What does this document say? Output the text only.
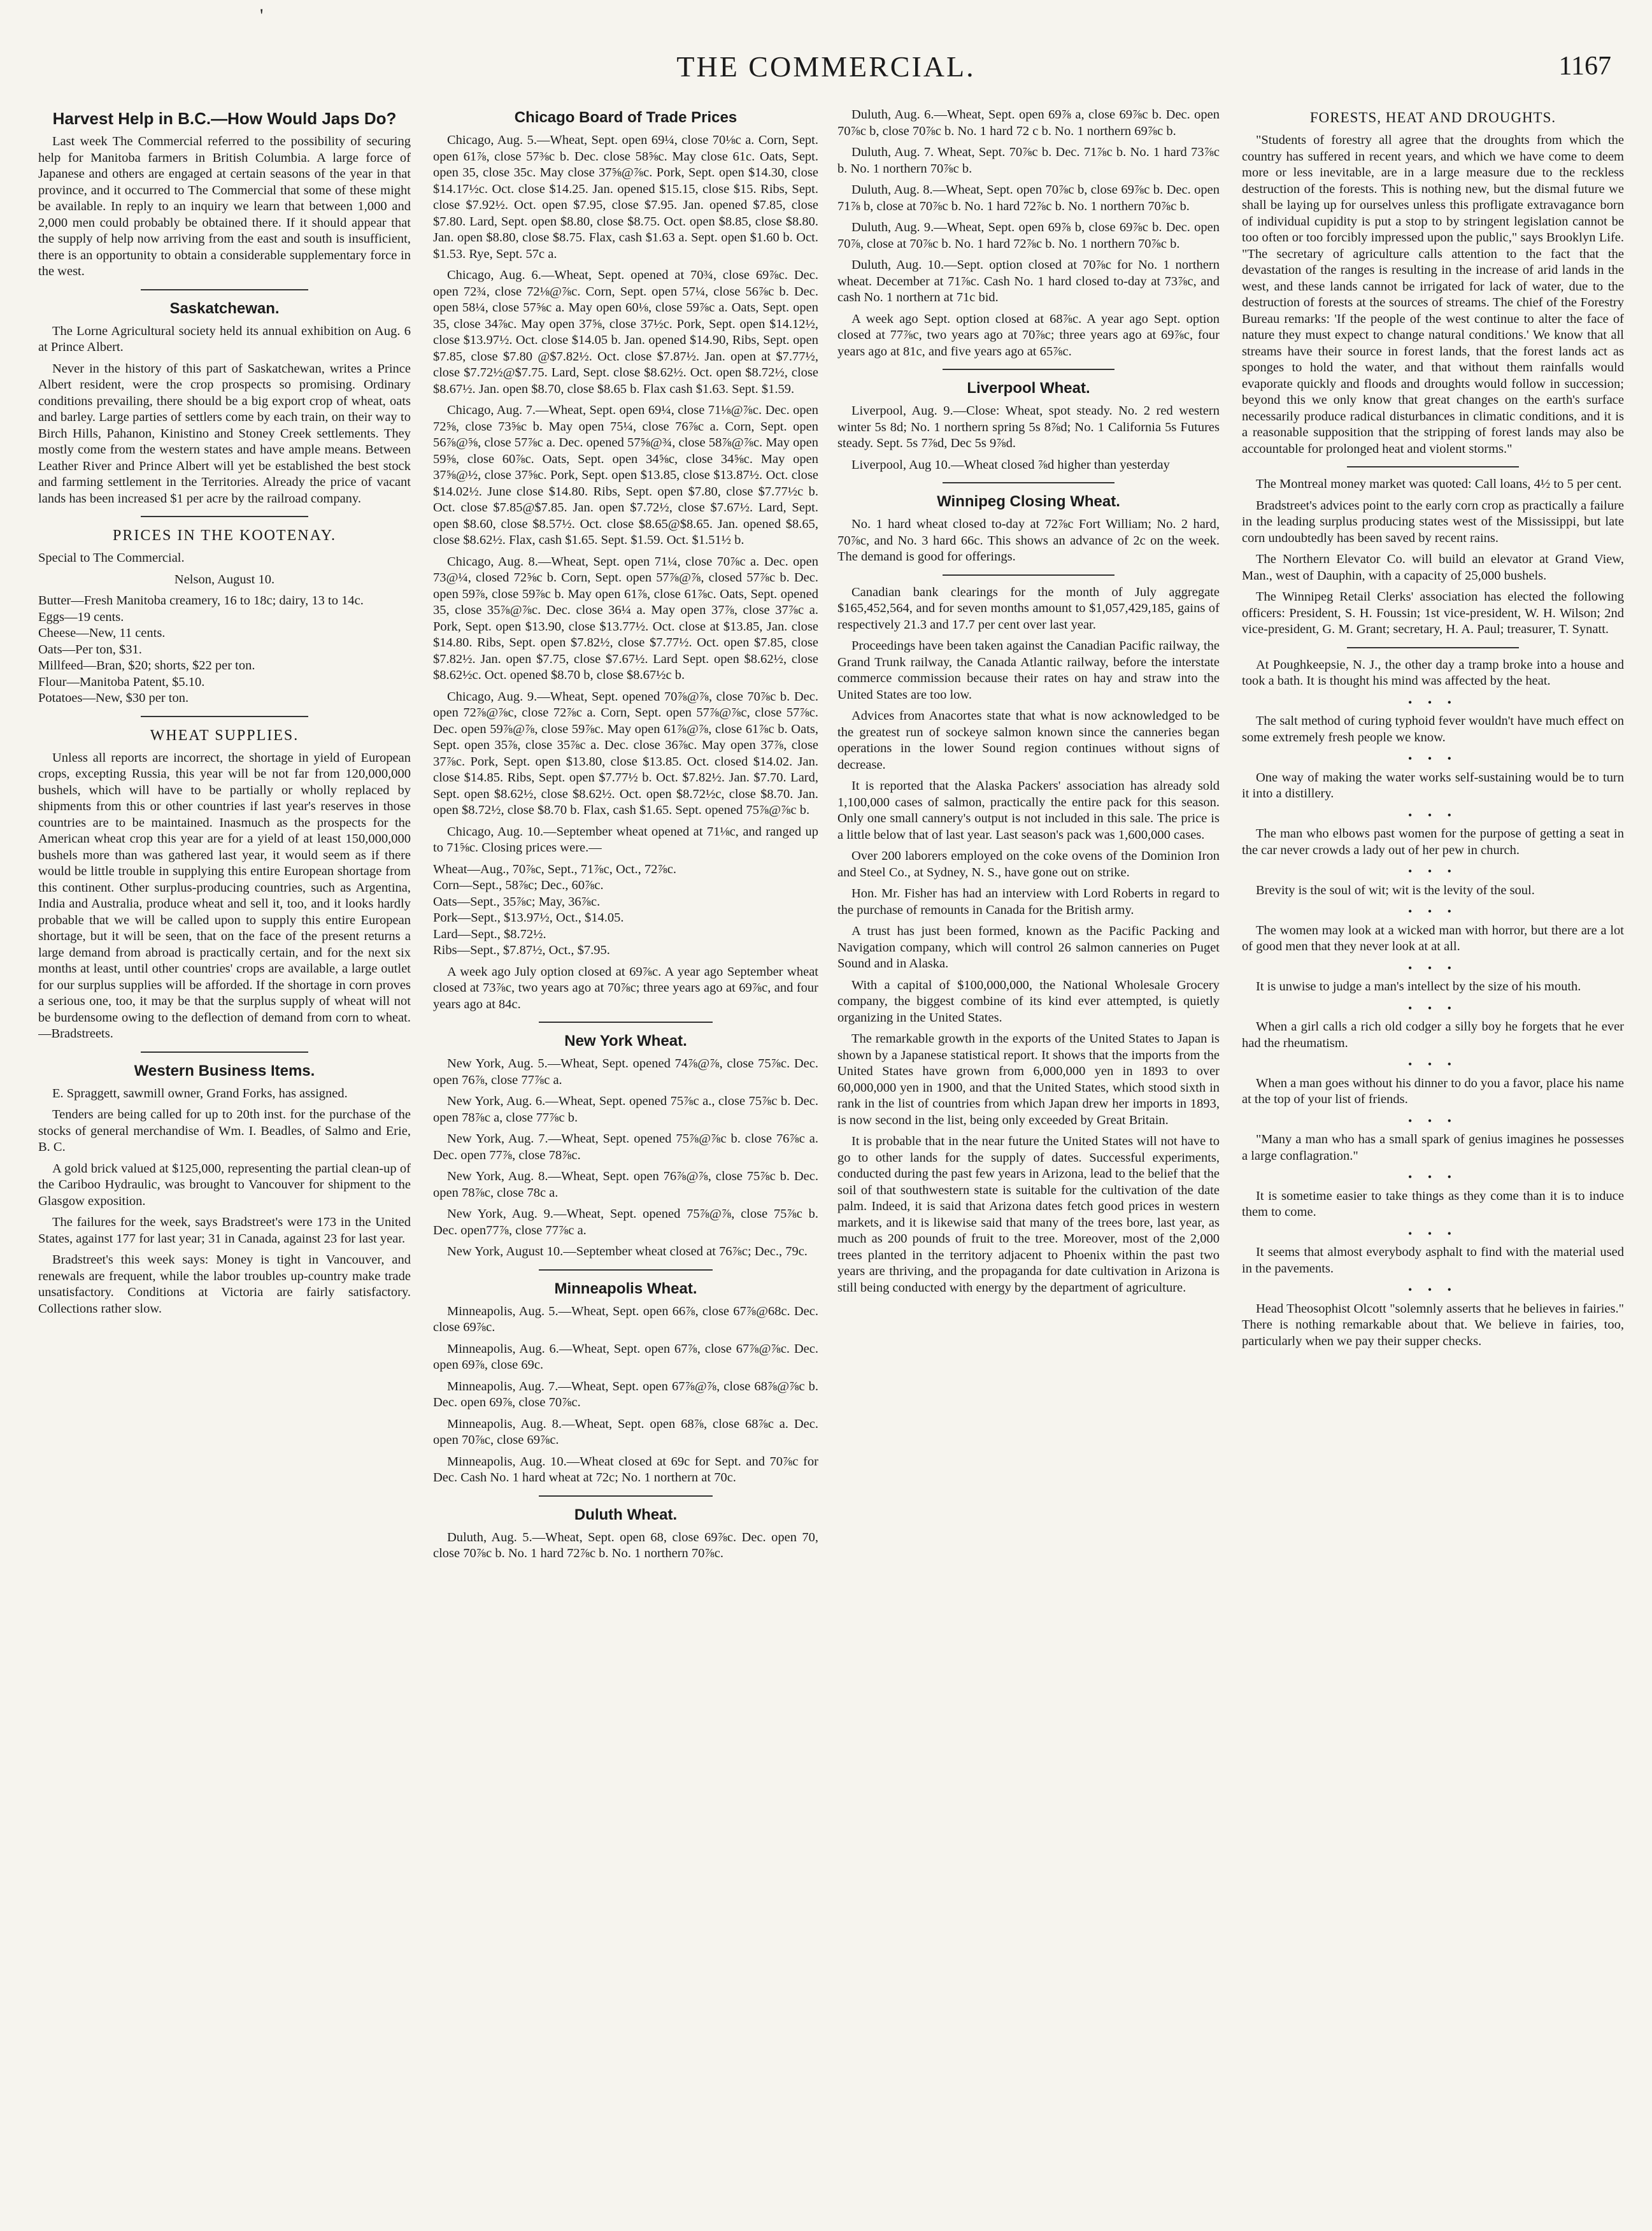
'
THE COMMERCIAL.	1167
Harvest Help in B.C.—How Would Japs Do?

Last week The Commercial referred to the possibility of securing help for Manitoba farmers in British Columbia. A large force of Japanese and others are engaged at certain seasons of the year in that province, and it occurred to The Commercial that some of these might be available. In reply to an inquiry we learn that between 1,000 and 2,000 men could probably be obtained there. If it should appear that the supply of help now arriving from the east and south is insufficient, there is an opportunity to obtain a considerable supplementary force in the west.

Saskatchewan.

The Lorne Agricultural society held its annual exhibition on Aug. 6 at Prince Albert.

Never in the history of this part of Saskatchewan, writes a Prince Albert resident, were the crop prospects so promising. Ordinary conditions prevailing, there should be a big export crop of wheat, oats and barley. Large parties of settlers come by each train, on their way to Birch Hills, Pahanon, Kinistino and Stoney Creek settlements. They mostly come from the western states and have ample means. Between Leather River and Prince Albert will yet be established the best stock and farming settlement in the Territories. Already the price of vacant lands has been increased $1 per acre by the railroad company.

PRICES IN THE KOOTENAY.

Special to The Commercial.

Nelson, August 10.

Butter—Fresh Manitoba creamery, 16 to 18c; dairy, 13 to 14c.

Eggs—19 cents.

Cheese—New, 11 cents.

Oats—Per ton, $31.

Millfeed—Bran, $20; shorts, $22 per ton.

Flour—Manitoba Patent, $5.10.

Potatoes—New, $30 per ton.

WHEAT SUPPLIES.

Unless all reports are incorrect, the shortage in yield of European crops, excepting Russia, this year will be not far from 120,000,000 bushels, which will have to be partially or wholly replaced by shipments from this or other countries if last year's reserves in those countries are to be maintained. Inasmuch as the prospects for the American wheat crop this year are for a yield of at least 150,000,000 bushels more than was gathered last year, it would seem as if there would be little trouble in supplying this entire European shortage from this continent. Other surplus-producing countries, such as Argentina, India and Australia, produce wheat and sell it, too, and it looks hardly probable that we will be called upon to supply this entire European shortage, but it will be seen, that on the face of the present returns a large demand from abroad is practically certain, and for the next six months at least, until other countries' crops are available, a large outlet for our surplus supplies will be afforded. If the shortage in corn proves a serious one, too, it may be that the surplus supply of wheat will not be burdensome owing to the deflection of demand from corn to wheat.—Bradstreets.

Western Business Items.

E. Spraggett, sawmill owner, Grand Forks, has assigned.

Tenders are being called for up to 20th inst. for the purchase of the stocks of general merchandise of Wm. I. Beadles, of Salmo and Erie, B. C.

A gold brick valued at $125,000, representing the partial clean-up of the Cariboo Hydraulic, was brought to Vancouver for shipment to the Glasgow exposition.

The failures for the week, says Bradstreet's were 173 in the United States, against 177 for last year; 31 in Canada, against 23 for last year.

Bradstreet's this week says: Money is tight in Vancouver, and renewals are frequent, while the labor troubles up-country make trade unsatisfactory. Conditions at Victoria are fairly satisfactory. Collections rather slow.

Chicago Board of Trade Prices

Chicago, Aug. 5.—Wheat, Sept. open 69¼, close 70⅛c a. Corn, Sept. open 61⅞, close 57⅜c b. Dec. close 58⅝c. May close 61c. Oats, Sept. open 35, close 35c. May close 37⅝@⅞c. Pork, Sept. open $14.30, close $14.17½c. Oct. close $14.25. Jan. opened $15.15, close $15. Ribs, Sept. close $7.92½. Oct. open $7.95, close $7.95. Jan. opened $7.85, close $7.80. Lard, Sept. open $8.80, close $8.75. Oct. open $8.85, close $8.80. Jan. open $8.80, close $8.75. Flax, cash $1.63 a. Sept. open $1.60 b. Oct. $1.53. Rye, Sept. 57c a.

Chicago, Aug. 6.—Wheat, Sept. opened at 70¾, close 69⅞c. Dec. open 72¾, close 72⅛@⅞c. Corn, Sept. open 57¼, close 56⅞c b. Dec. open 58¼, close 57⅝c a. May open 60⅛, close 59⅞c a. Oats, Sept. open 35, close 34⅞c. May open 37⅝, close 37½c. Pork, Sept. open $14.12½, close $13.97½. Oct. close $14.05 b. Jan. opened $14.90, Ribs, Sept. open $7.85, close $7.80 @$7.82½. Oct. close $7.87½. Jan. open at $7.77½, close $7.72½@$7.75. Lard, Sept. close $8.62½. Oct. open $8.72½, close $8.67½. Jan. open $8.70, close $8.65 b. Flax cash $1.63. Sept. $1.59.

Chicago, Aug. 7.—Wheat, Sept. open 69¼, close 71⅛@⅞c. Dec. open 72⅝, close 73⅝c b. May open 75¼, close 76⅞c a. Corn, Sept. open 56⅞@⅝, close 57⅞c a. Dec. opened 57⅝@¾, close 58⅞@⅞c. May open 59⅝, close 60⅞c. Oats, Sept. open 34⅝c, close 34⅝c. May open 37⅝@½, close 37⅝c. Pork, Sept. open $13.85, close $13.87½. Oct. close $14.02½. June close $14.80. Ribs, Sept. open $7.80, close $7.77½c b. Oct. close $7.85@$7.85. Jan. open $7.72½, close $7.67½. Lard, Sept. open $8.60, close $8.57½. Oct. close $8.65@$8.65. Jan. opened $8.65, close $8.62½. Flax, cash $1.65. Sept. $1.59. Oct. $1.51½ b.

Chicago, Aug. 8.—Wheat, Sept. open 71¼, close 70⅞c a. Dec. open 73@¼, closed 72⅝c b. Corn, Sept. open 57⅞@⅞, closed 57⅞c b. Dec. open 59⅞, close 59⅞c b. May open 61⅞, close 61⅞c. Oats, Sept. opened 35, close 35⅞@⅞c. Dec. close 36¼ a. May open 37⅞, close 37⅞c a. Pork, Sept. open $13.90, close $13.77½. Oct. close at $13.85, Jan. close $14.80. Ribs, Sept. open $7.82½, close $7.77½. Oct. open $7.85, close $7.82½. Jan. open $7.75, close $7.67½. Lard Sept. open $8.62½, close $8.62½c. Oct. opened $8.70 b, close $8.67½c b.

Chicago, Aug. 9.—Wheat, Sept. opened 70⅞@⅞, close 70⅞c b. Dec. open 72⅞@⅞c, close 72⅞c a. Corn, Sept. open 57⅞@⅞c, close 57⅞c. Dec. open 59⅞@⅞, close 59⅞c. May open 61⅞@⅞, close 61⅞c b. Oats, Sept. open 35⅞, close 35⅞c a. Dec. close 36⅞c. May open 37⅞, close 37⅞c. Pork, Sept. open $13.80, close $13.85. Oct. closed $14.02. Jan. close $14.85. Ribs, Sept. open $7.77½ b. Oct. $7.82½. Jan. $7.70. Lard, Sept. open $8.62½, close $8.62½. Oct. open $8.72½c, close $8.70. Jan. open $8.72½, close $8.70 b. Flax, cash $1.65. Sept. opened 75⅞@⅞c b.

Chicago, Aug. 10.—September wheat opened at 71⅛c, and ranged up to 71⅝c. Closing prices were.—

Wheat—Aug., 70⅞c, Sept., 71⅞c, Oct., 72⅞c.

Corn—Sept., 58⅞c; Dec., 60⅞c.

Oats—Sept., 35⅞c; May, 36⅞c.

Pork—Sept., $13.97½, Oct., $14.05.

Lard—Sept., $8.72½.

Ribs—Sept., $7.87½, Oct., $7.95.

A week ago July option closed at 69⅞c. A year ago September wheat closed at 73⅞c, two years ago at 70⅞c; three years ago at 69⅞c, and four years ago at 84c.

New York Wheat.

New York, Aug. 5.—Wheat, Sept. opened 74⅞@⅞, close 75⅞c. Dec. open 76⅞, close 77⅞c a.

New York, Aug. 6.—Wheat, Sept. opened 75⅞c a., close 75⅞c b. Dec. open 78⅞c a, close 77⅞c b.

New York, Aug. 7.—Wheat, Sept. opened 75⅞@⅞c b. close 76⅞c a. Dec. open 77⅞, close 78⅞c.

New York, Aug. 8.—Wheat, Sept. open 76⅞@⅞, close 75⅞c b. Dec. open 78⅞c, close 78c a.

New York, Aug. 9.—Wheat, Sept. opened 75⅞@⅞, close 75⅞c b. Dec. open77⅞, close 77⅞c a.

New York, August 10.—September wheat closed at 76⅞c; Dec., 79c.

Minneapolis Wheat.

Minneapolis, Aug. 5.—Wheat, Sept. open 66⅞, close 67⅞@68c. Dec. close 69⅞c.

Minneapolis, Aug. 6.—Wheat, Sept. open 67⅞, close 67⅞@⅞c. Dec. open 69⅞, close 69c.

Minneapolis, Aug. 7.—Wheat, Sept. open 67⅞@⅞, close 68⅞@⅞c b. Dec. open 69⅞, close 70⅞c.

Minneapolis, Aug. 8.—Wheat, Sept. open 68⅞, close 68⅞c a. Dec. open 70⅞c, close 69⅞c.

Minneapolis, Aug. 10.—Wheat closed at 69c for Sept. and 70⅞c for Dec. Cash No. 1 hard wheat at 72c; No. 1 northern at 70c.

Duluth Wheat.

Duluth, Aug. 5.—Wheat, Sept. open 68, close 69⅞c. Dec. open 70, close 70⅞c b. No. 1 hard 72⅞c b. No. 1 northern 70⅞c.

Duluth, Aug. 6.—Wheat, Sept. open 69⅞ a, close 69⅞c b. Dec. open 70⅞c b, close 70⅞c b. No. 1 hard 72 c b. No. 1 northern 69⅞c b.

Duluth, Aug. 7. Wheat, Sept. 70⅞c b. Dec. 71⅞c b. No. 1 hard 73⅞c b. No. 1 northern 70⅞c b.

Duluth, Aug. 8.—Wheat, Sept. open 70⅞c b, close 69⅞c b. Dec. open 71⅞ b, close at 70⅞c b. No. 1 hard 72⅞c b. No. 1 northern 70⅞c b.

Duluth, Aug. 9.—Wheat, Sept. open 69⅞ b, close 69⅞c b. Dec. open 70⅞, close at 70⅞c b. No. 1 hard 72⅞c b. No. 1 northern 70⅞c b.

Duluth, Aug. 10.—Sept. option closed at 70⅞c for No. 1 northern wheat. December at 71⅞c. Cash No. 1 hard closed to-day at 73⅞c, and cash No. 1 northern at 71c bid.

A week ago Sept. option closed at 68⅞c. A year ago Sept. option closed at 77⅞c, two years ago at 70⅞c; three years ago at 69⅞c, four years ago at 81c, and five years ago at 65⅞c.

Liverpool Wheat.

Liverpool, Aug. 9.—Close: Wheat, spot steady. No. 2 red western winter 5s 8d; No. 1 northern spring 5s 8⅞d; No. 1 California 5s Futures steady. Sept. 5s 7⅞d, Dec 5s 9⅞d.

Liverpool, Aug 10.—Wheat closed ⅞d higher than yesterday

Winnipeg Closing Wheat.

No. 1 hard wheat closed to-day at 72⅞c Fort William; No. 2 hard, 70⅞c, and No. 3 hard 66c. This shows an advance of 2c on the week. The demand is good for offerings.

Canadian bank clearings for the month of July aggregate $165,452,564, and for seven months amount to $1,057,429,185, gains of respectively 21.3 and 17.7 per cent over last year.

Proceedings have been taken against the Canadian Pacific railway, the Grand Trunk railway, the Canada Atlantic railway, before the interstate commerce commission because their rates on hay and straw into the United States are too low.

Advices from Anacortes state that what is now acknowledged to be the greatest run of sockeye salmon known since the canneries began operations in the lower Sound region continues without signs of decrease.

It is reported that the Alaska Packers' association has already sold 1,100,000 cases of salmon, practically the entire pack for this season. Only one small cannery's output is not included in this sale. The price is a little below that of last year. Last season's pack was 1,600,000 cases.

Over 200 laborers employed on the coke ovens of the Dominion Iron and Steel Co., at Sydney, N. S., have gone out on strike.

Hon. Mr. Fisher has had an interview with Lord Roberts in regard to the purchase of remounts in Canada for the British army.

A trust has just been formed, known as the Pacific Packing and Navigation company, which will control 26 salmon canneries on Puget Sound and in Alaska.

With a capital of $100,000,000, the National Wholesale Grocery company, the biggest combine of its kind ever attempted, is quietly organizing in the United States.

The remarkable growth in the exports of the United States to Japan is shown by a Japanese statistical report. It shows that the imports from the United States have grown from 6,000,000 yen in 1893 to over 60,000,000 yen in 1900, and that the United States, which stood sixth in rank in the list of countries from which Japan drew her imports in 1893, is now second in the list, being only exceeded by Great Britain.

It is probable that in the near future the United States will not have to go to other lands for the supply of dates. Successful experiments, conducted during the past few years in Arizona, lead to the belief that the soil of that southwestern state is suitable for the cultivation of the date palm. Indeed, it is said that Arizona dates fetch good prices in western markets, and it is likewise said that many of the trees bore, last year, as much as 200 pounds of fruit to the tree. Moreover, most of the 2,000 trees planted in the territory adjacent to Phoenix within the past two years are thriving, and the propaganda for date cultivation in Arizona is still being conducted with energy by the department of agriculture.

FORESTS, HEAT AND DROUGHTS.

"Students of forestry all agree that the droughts from which the country has suffered in recent years, and which we have come to deem more or less inevitable, are in a large measure due to the reckless destruction of the forests. This is nothing new, but the dismal future we shall be laying up for ourselves unless this profligate extravagance born of individual cupidity is put a stop to by stringent legislation cannot be too often or too forcibly impressed upon the public," says Brooklyn Life. "The secretary of agriculture calls attention to the fact that the devastation of the ranges is resulting in the increase of arid lands in the west, and these lands cannot be irrigated for lack of water, due to the destruction of forests at the sources of streams. The chief of the Forestry Bureau remarks: 'If the people of the west continue to alter the face of nature they must expect to change natural conditions.' We know that all streams have their source in forest lands, that the forest lands act as sponges to hold the water, and that without them rainfalls would evaporate quickly and floods and droughts would follow in succession; beyond this we only know that great changes on the earth's surface necessarily produce radical disturbances in climatic conditions, and it is a reasonable supposition that the stripping of forest lands may also be accountable for prolonged heat and violent storms."

The Montreal money market was quoted: Call loans, 4½ to 5 per cent.

Bradstreet's advices point to the early corn crop as practically a failure in the leading surplus producing states west of the Mississippi, but late corn undoubtedly has been saved by recent rains.

The Northern Elevator Co. will build an elevator at Grand View, Man., west of Dauphin, with a capacity of 25,000 bushels.

The Winnipeg Retail Clerks' association has elected the following officers: President, S. H. Foussin; 1st vice-president, W. H. Wilson; 2nd vice-president, G. M. Grant; secretary, H. A. Paul; treasurer, T. Synatt.

At Poughkeepsie, N. J., the other day a tramp broke into a house and took a bath. It is thought his mind was affected by the heat.

• • •

The salt method of curing typhoid fever wouldn't have much effect on some extremely fresh people we know.

• • •

One way of making the water works self-sustaining would be to turn it into a distillery.

• • •

The man who elbows past women for the purpose of getting a seat in the car never crowds a lady out of her pew in church.

• • •

Brevity is the soul of wit; wit is the levity of the soul.

• • •

The women may look at a wicked man with horror, but there are a lot of good men that they never look at at all.

• • •

It is unwise to judge a man's intellect by the size of his mouth.

• • •

When a girl calls a rich old codger a silly boy he forgets that he ever had the rheumatism.

• • •

When a man goes without his dinner to do you a favor, place his name at the top of your list of friends.

• • •

"Many a man who has a small spark of genius imagines he possesses a large conflagration."

• • •

It is sometime easier to take things as they come than it is to induce them to come.

• • •

It seems that almost everybody asphalt to find with the material used in the pavements.

• • •

Head Theosophist Olcott "solemnly asserts that he believes in fairies." There is nothing remarkable about that. We believe in fairies, too, particularly when we pay their supper checks.
